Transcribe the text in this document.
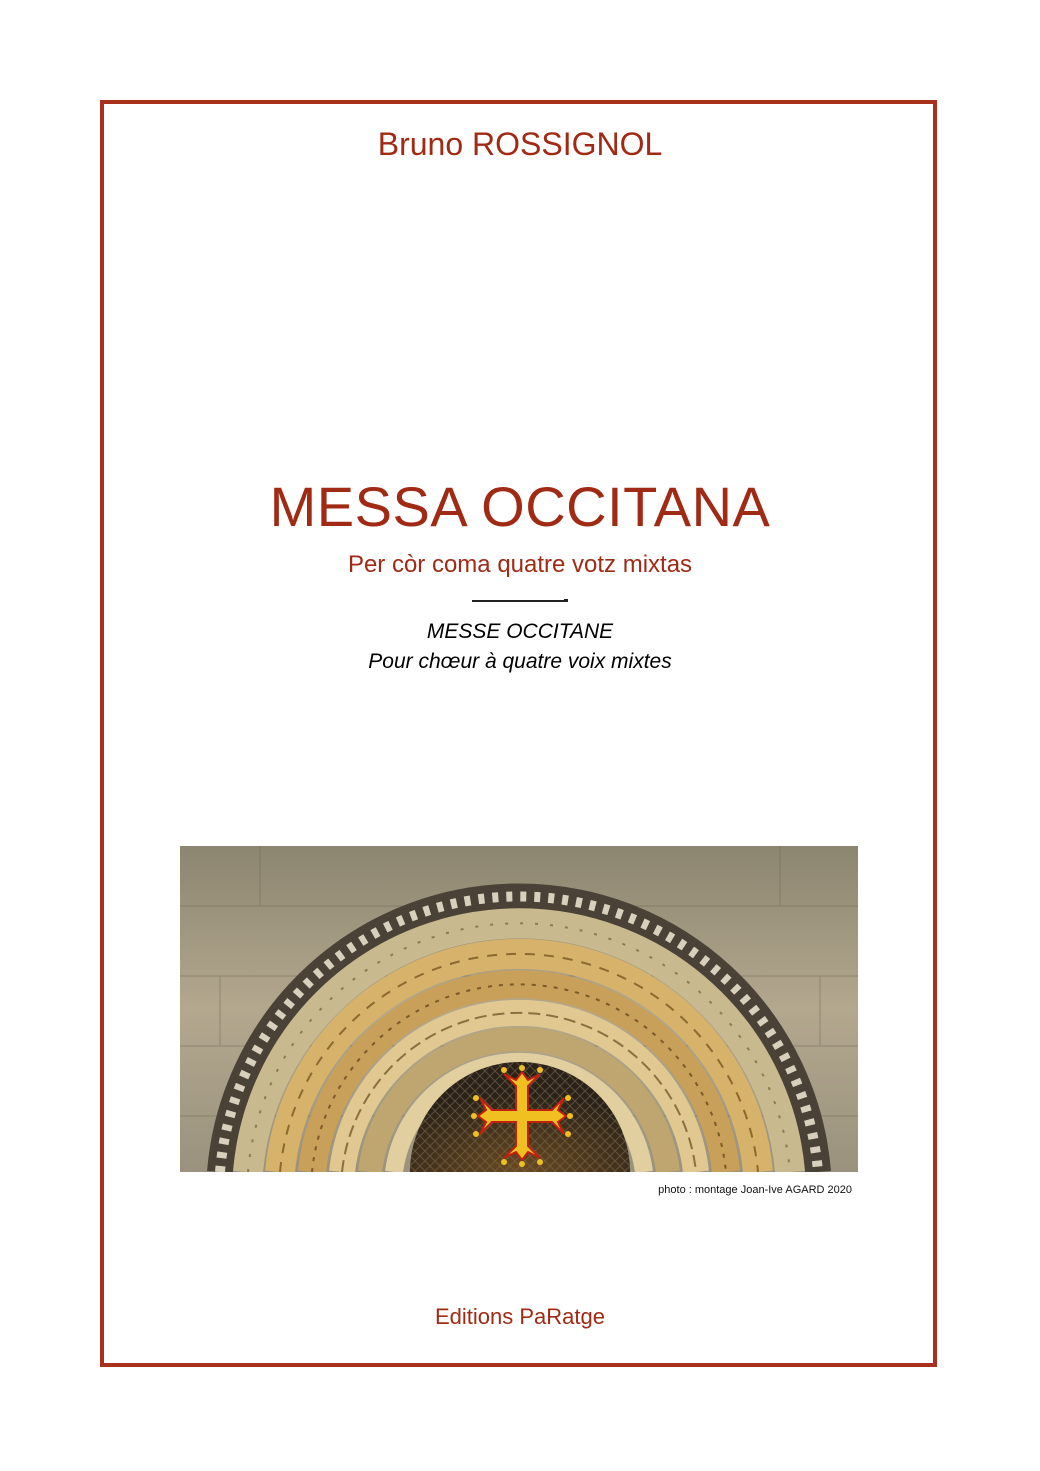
Bruno ROSSIGNOL
MESSA OCCITANA
Per còr coma quatre votz mixtas
MESSE OCCITANE
Pour chœur à quatre voix mixtes
photo : montage Joan-Ive AGARD 2020
Editions PaRatge
